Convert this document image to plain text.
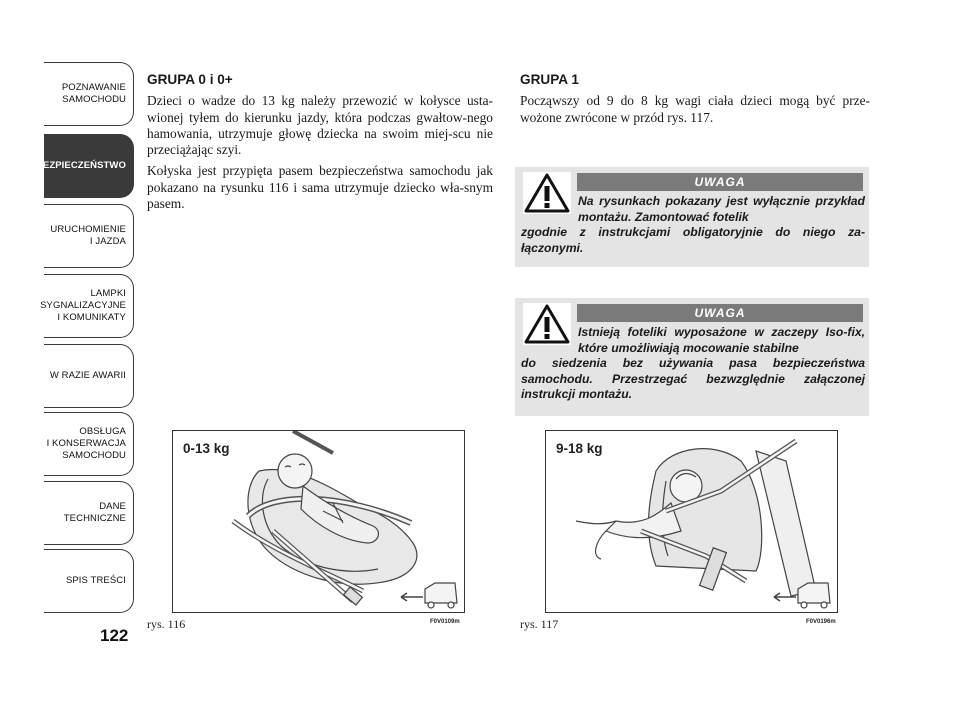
POZNAWANIE
SAMOCHODU
BEZPIECZEŃSTWO
URUCHOMIENIE
I JAZDA
LAMPKI
SYGNALIZACYJNE
I KOMUNIKATY
W RAZIE AWARII
OBSŁUGA
I KONSERWACJA
SAMOCHODU
DANE
TECHNICZNE
SPIS TREŚCI
122
GRUPA 0 i 0+

Dzieci o wadze do 13 kg należy przewozić w kołysce usta-wionej tyłem do kierunku jazdy, która podczas gwałtow-nego hamowania, utrzymuje głowę dziecka na swoim miej-scu nie przeciążając szyi.

Kołyska jest przypięta pasem bezpieczeństwa samochodu jak pokazano na rysunku 116 i sama utrzymuje dziecko wła-snym pasem.

GRUPA 1

Począwszy od 9 do 8 kg wagi ciała dzieci mogą być prze-wożone zwrócone w przód rys. 117.

UWAGA
Na rysunkach pokazany jest wyłącznie przykład montażu. Zamontować fotelik
zgodnie z instrukcjami obligatoryjnie do niego za-łączonymi.
UWAGA
Istnieją foteliki wyposażone w zaczepy Iso-fix, które umożliwiają mocowanie stabilne
do siedzenia bez używania pasa bezpieczeństwa samochodu. Przestrzegać bezwzględnie załączonej instrukcji montażu.
0-13 kg
rys. 116	F0V0109m
9-18 kg
rys. 117	F0V0196m
